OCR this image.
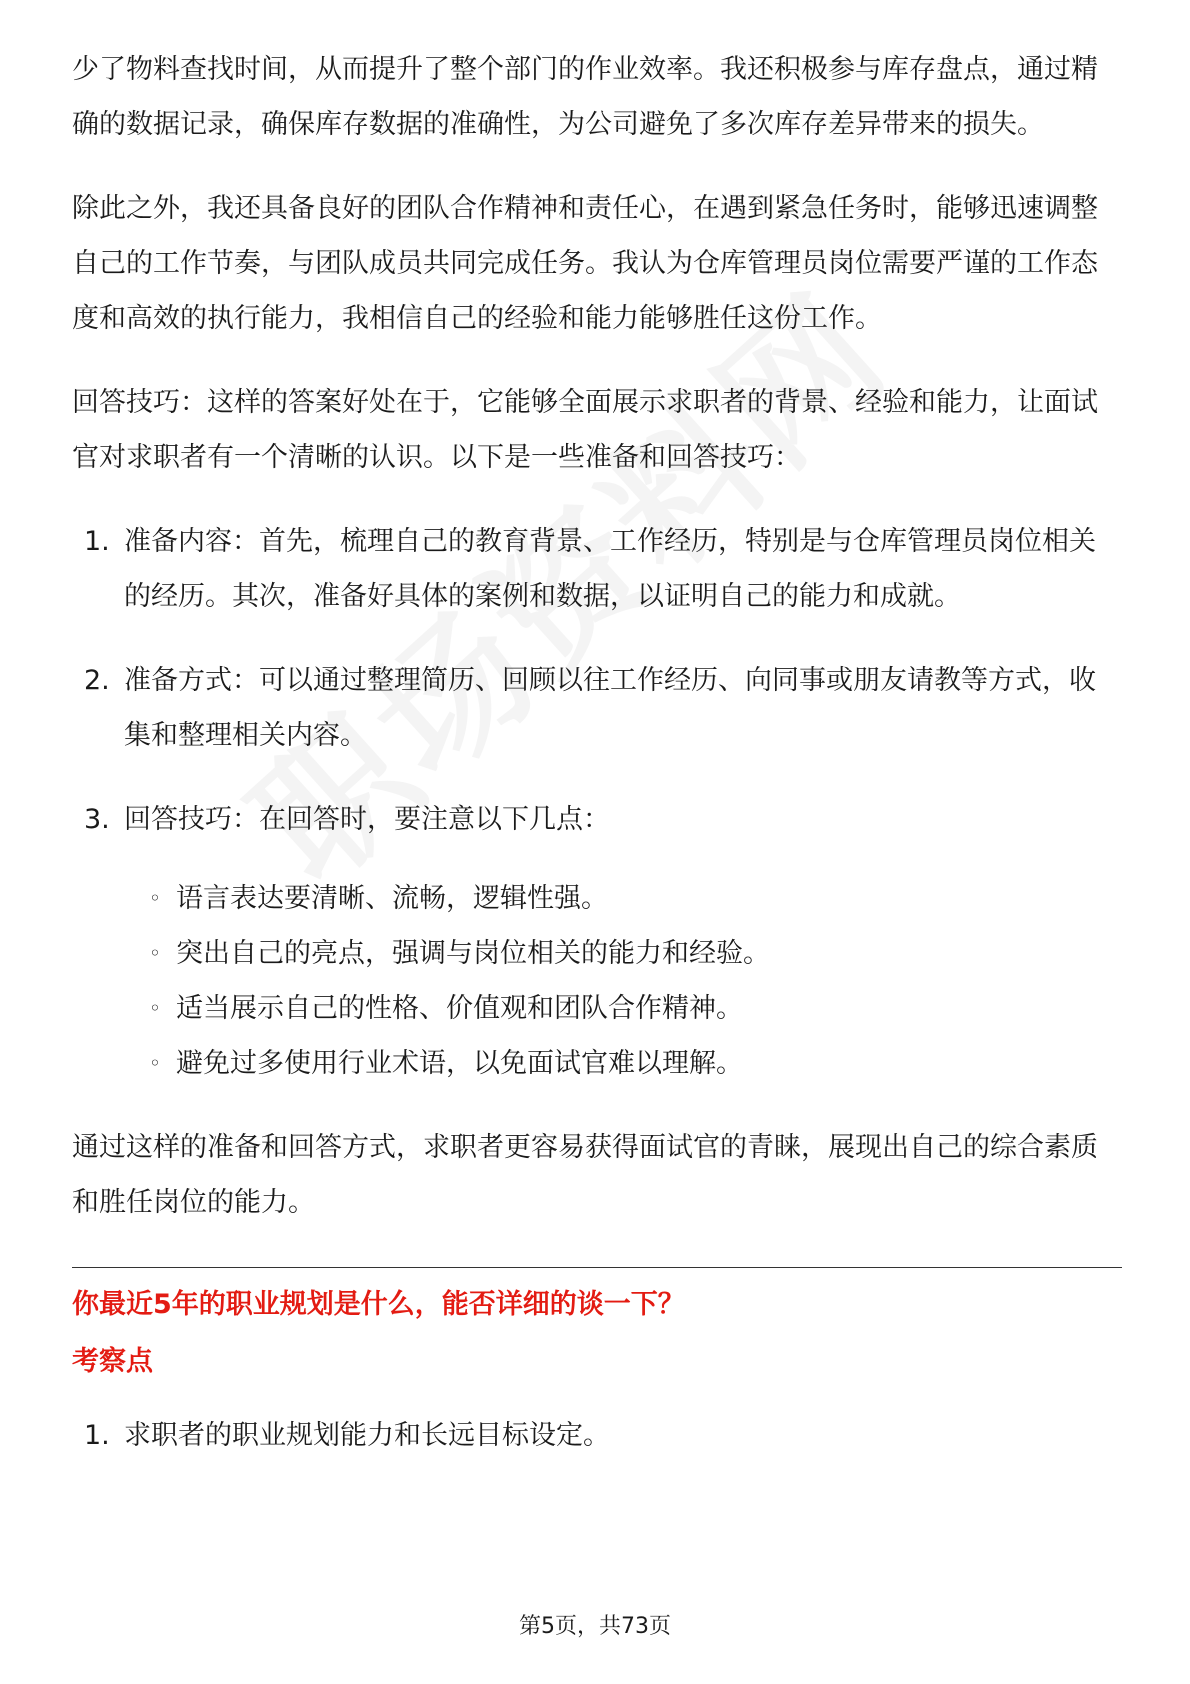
少了物料查找时间，从而提升了整个部门的作业效率。我还积极参与库存盘点，通过精确的数据记录，确保库存数据的准确性，为公司避免了多次库存差异带来的损失。

除此之外，我还具备良好的团队合作精神和责任心，在遇到紧急任务时，能够迅速调整自己的工作节奏，与团队成员共同完成任务。我认为仓库管理员岗位需要严谨的工作态度和高效的执行能力，我相信自己的经验和能力能够胜任这份工作。

回答技巧：这样的答案好处在于，它能够全面展示求职者的背景、经验和能力，让面试官对求职者有一个清晰的认识。以下是一些准备和回答技巧：

1. 准备内容：首先，梳理自己的教育背景、工作经历，特别是与仓库管理员岗位相关的经历。其次，准备好具体的案例和数据，以证明自己的能力和成就。
2. 准备方式：可以通过整理简历、回顾以往工作经历、向同事或朋友请教等方式，收集和整理相关内容。
3. 回答技巧：在回答时，要注意以下几点：
◦ 语言表达要清晰、流畅，逻辑性强。
◦ 突出自己的亮点，强调与岗位相关的能力和经验。
◦ 适当展示自己的性格、价值观和团队合作精神。
◦ 避免过多使用行业术语，以免面试官难以理解。

通过这样的准备和回答方式，求职者更容易获得面试官的青睐，展现出自己的综合素质和胜任岗位的能力。

你最近5年的职业规划是什么，能否详细的谈一下？

考察点

1. 求职者的职业规划能力和长远目标设定。
第5页，共73页
